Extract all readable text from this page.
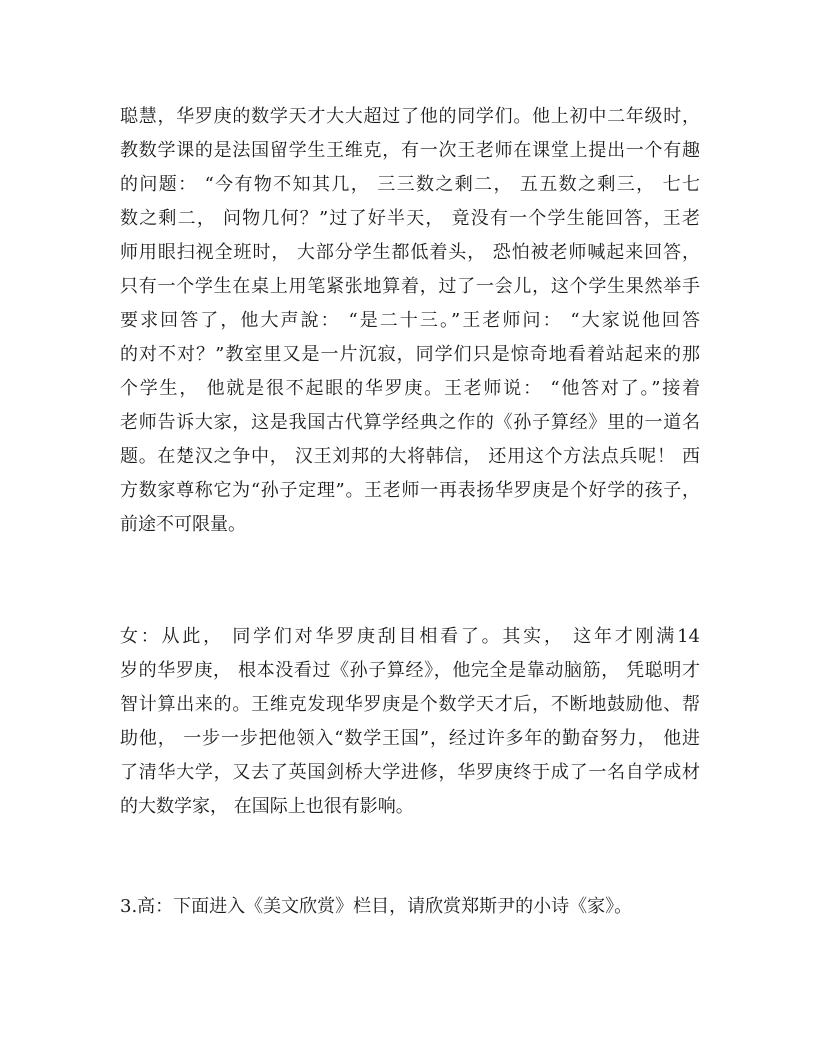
聪慧，华罗庚的数学天才大大超过了他的同学们。他上初中二年级时，
教数学课的是法国留学生王维克，有一次王老师在课堂上提出一个有趣
的问题： “今有物不知其几， 三三数之剩二， 五五数之剩三， 七七
数之剩二， 问物几何？”过了好半天， 竟没有一个学生能回答，王老
师用眼扫视全班时， 大部分学生都低着头， 恐怕被老师喊起来回答，
只有一个学生在桌上用笔紧张地算着，过了一会儿，这个学生果然举手
要求回答了，他大声說： “是二十三。”王老师问： “大家说他回答
的对不对？”教室里又是一片沉寂，同学们只是惊奇地看着站起来的那
个学生， 他就是很不起眼的华罗庚。王老师说： “他答对了。”接着
老师告诉大家，这是我国古代算学经典之作的《孙子算经》里的一道名
题。在楚汉之争中， 汉王刘邦的大将韩信， 还用这个方法点兵呢！ 西
方数家尊称它为“孙子定理”。王老师一再表扬华罗庚是个好学的孩子，
前途不可限量。
女：从此， 同学们对华罗庚刮目相看了。其实， 这年才刚满14
岁的华罗庚， 根本没看过《孙子算经》，他完全是靠动脑筋， 凭聪明才
智计算出来的。王维克发现华罗庚是个数学天才后，不断地鼓励他、帮
助他， 一步一步把他领入“数学王国”，经过许多年的勤奋努力， 他进
了清华大学，又去了英国剑桥大学进修，华罗庚终于成了一名自学成材
的大数学家， 在国际上也很有影响。
3.高：下面进入《美文欣赏》栏目，请欣赏郑斯尹的小诗《家》。
